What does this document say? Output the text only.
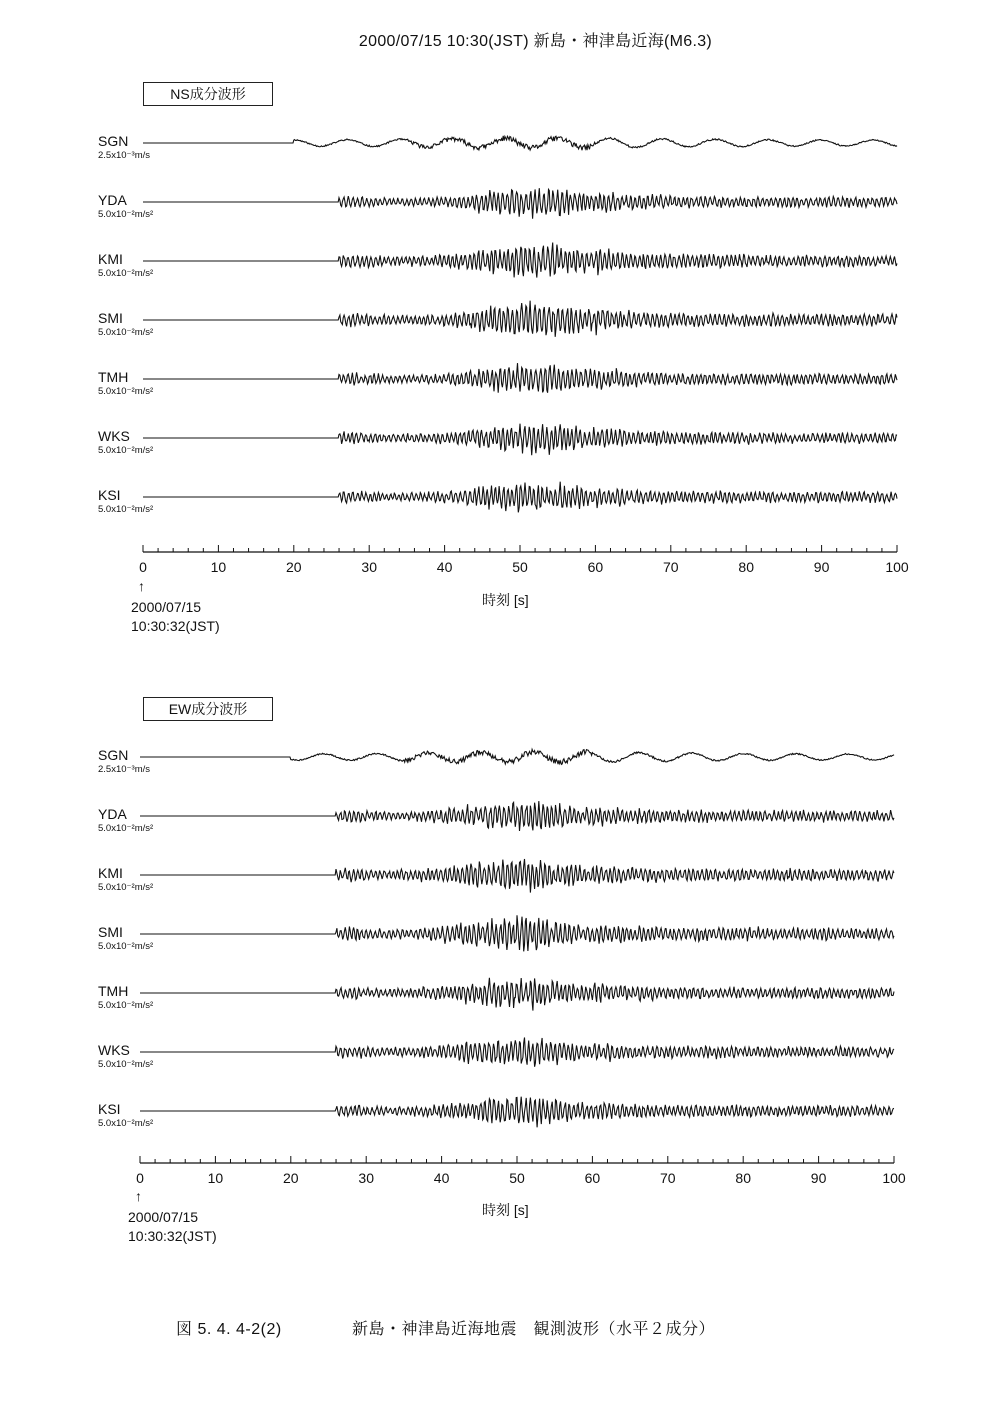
2000/07/15 10:30(JST) 新島・神津島近海(M6.3)
NS成分波形
SGN
2.5x10⁻³m/s
YDA
5.0x10⁻²m/s²
KMI
5.0x10⁻²m/s²
SMI
5.0x10⁻²m/s²
TMH
5.0x10⁻²m/s²
WKS
5.0x10⁻²m/s²
KSI
5.0x10⁻²m/s²
0	10	20	30	40	50	60	70	80	90	100
時刻 [s]
↑
2000/07/15
10:30:32(JST)
EW成分波形
SGN
2.5x10⁻³m/s
YDA
5.0x10⁻²m/s²
KMI
5.0x10⁻²m/s²
SMI
5.0x10⁻²m/s²
TMH
5.0x10⁻²m/s²
WKS
5.0x10⁻²m/s²
KSI
5.0x10⁻²m/s²
0	10	20	30	40	50	60	70	80	90	100
時刻 [s]
↑
2000/07/15
10:30:32(JST)
図 5. 4. 4-2(2)	新島・神津島近海地震　観測波形（水平２成分）
